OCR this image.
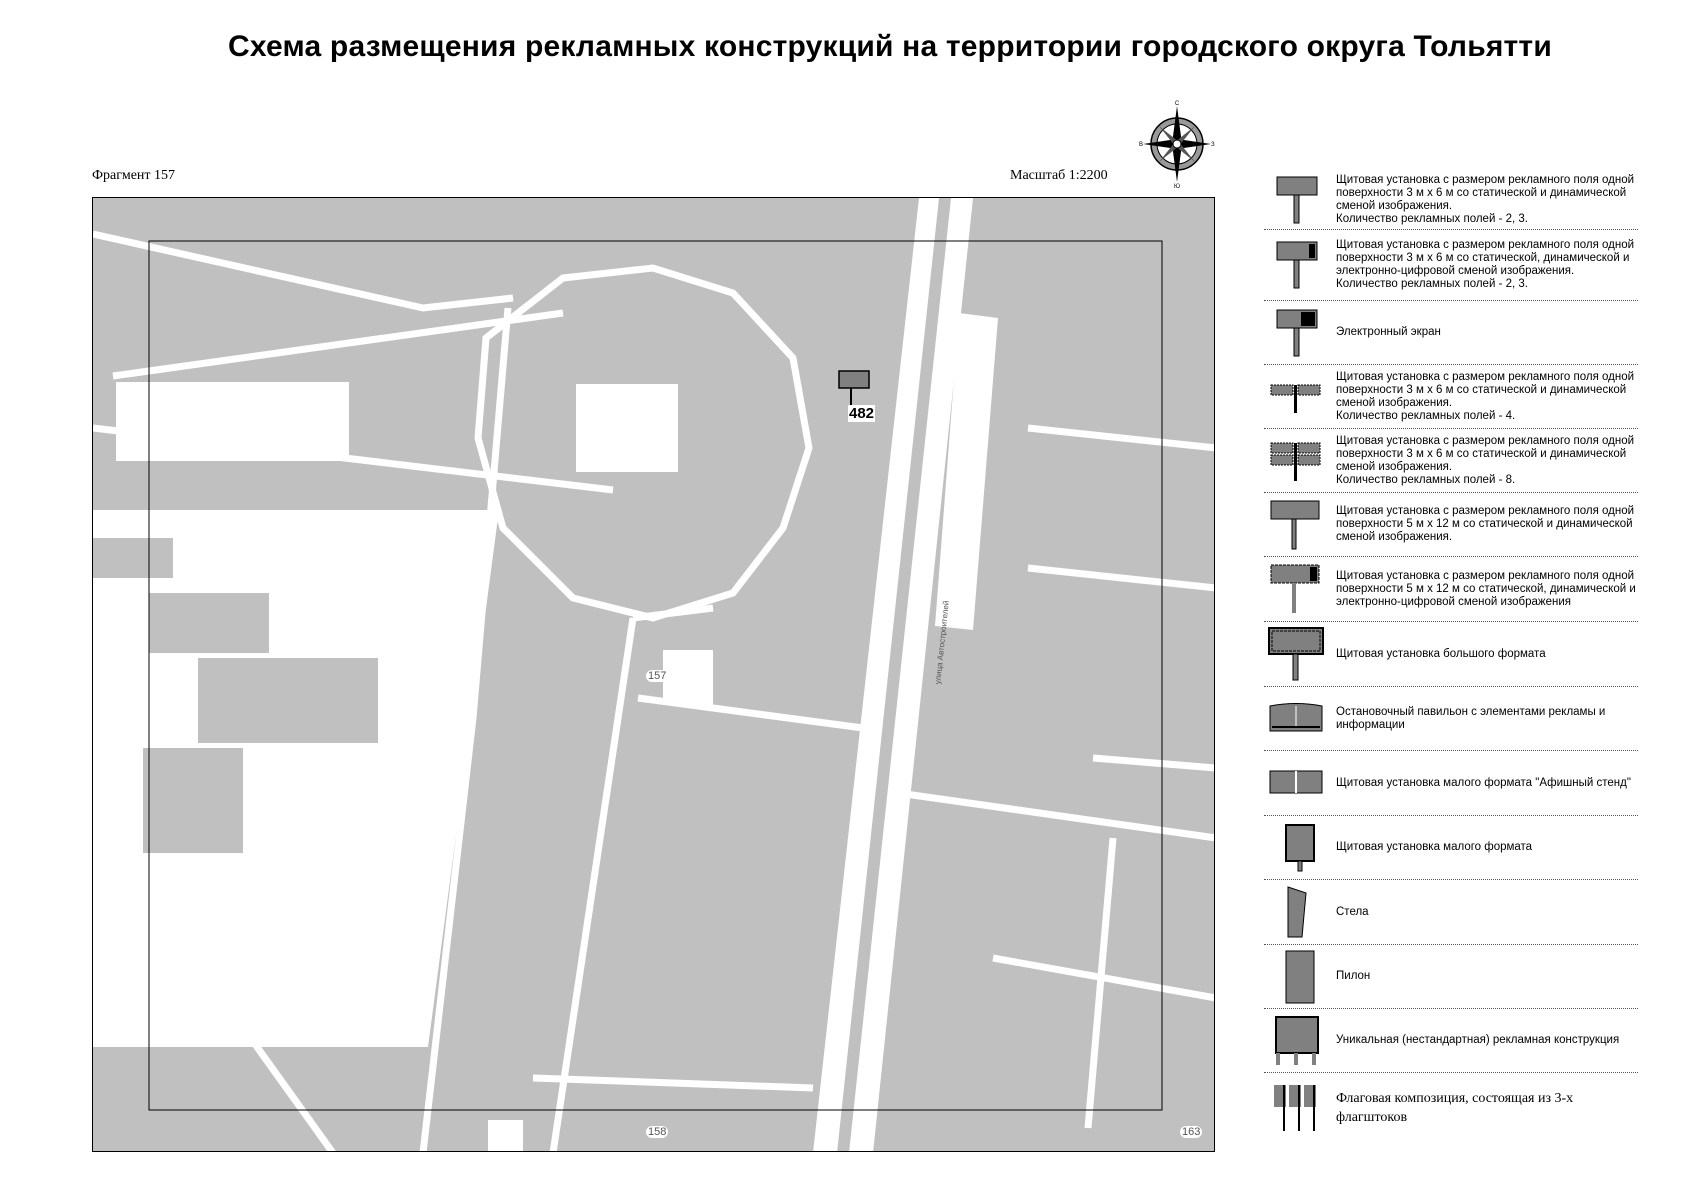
Схема размещения рекламных конструкций на территории городского округа Тольятти
Фрагмент 157	Масштаб 1:2200
С
Ю
В	З
482
157
158	163
улица Автостроителей
Щитовая установка с размером рекламного поля одной поверхности 3 м х 6 м со статической и динамической сменой изображения.
Количество рекламных полей - 2, 3.
Щитовая установка с размером рекламного поля одной поверхности 3 м х 6 м со статической, динамической и электронно-цифровой сменой изображения.
Количество рекламных полей - 2, 3.
Электронный экран
Щитовая установка с размером рекламного поля одной поверхности 3 м х 6 м со статической и динамической сменой изображения.
Количество рекламных полей - 4.
Щитовая установка с размером рекламного поля одной поверхности 3 м х 6 м со статической и динамической сменой изображения.
Количество рекламных полей - 8.
Щитовая установка с размером рекламного поля одной поверхности 5 м х 12 м со статической и динамической сменой изображения.
Щитовая установка с размером рекламного поля одной поверхности 5 м х 12 м со статической, динамической и электронно-цифровой сменой изображения
Щитовая установка большого формата
Остановочный павильон с элементами рекламы и информации
Щитовая установка малого формата "Афишный стенд"
Щитовая установка малого формата
Стела
Пилон
Уникальная (нестандартная) рекламная конструкция
Флаговая композиция, состоящая из 3-х флагштоков
